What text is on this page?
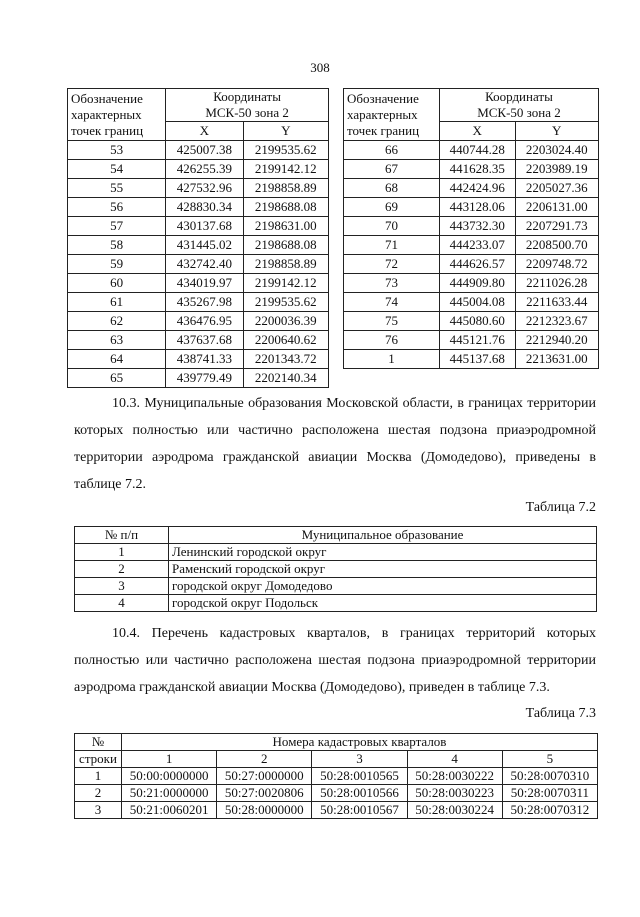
308
Обозначение
характерных
точек границ	Координаты
МСК-50 зона 2	
	X	Y
53	425007.38	2199535.62
54	426255.39	2199142.12
55	427532.96	2198858.89
56	428830.34	2198688.08
57	430137.68	2198631.00
58	431445.02	2198688.08
59	432742.40	2198858.89
60	434019.97	2199142.12
61	435267.98	2199535.62
62	436476.95	2200036.39
63	437637.68	2200640.62
64	438741.33	2201343.72
65	439779.49	2202140.34
Обозначение
характерных
точек границ	Координаты
МСК-50 зона 2	
	X	Y
66	440744.28	2203024.40
67	441628.35	2203989.19
68	442424.96	2205027.36
69	443128.06	2206131.00
70	443732.30	2207291.73
71	444233.07	2208500.70
72	444626.57	2209748.72
73	444909.80	2211026.28
74	445004.08	2211633.44
75	445080.60	2212323.67
76	445121.76	2212940.20
1	445137.68	2213631.00

10.3. Муниципальные образования Московской области, в границах территории которых полностью или частично расположена шестая подзона приаэродромной территории аэродрома гражданской авиации Москва (Домодедово), приведены в таблице 7.2.

Таблица 7.2
№ п/п	Муниципальное образование
1	Ленинский городской округ
2	Раменский городской округ
3	городской округ Домодедово
4	городской округ Подольск

10.4. Перечень кадастровых кварталов, в границах территорий которых полностью или частично расположена шестая подзона приаэродромной территории аэродрома гражданской авиации Москва (Домодедово), приведен в таблице 7.3.

Таблица 7.3
№	Номера кадастровых кварталов				
строки	1	2	3	4	5
1	50:00:0000000	50:27:0000000	50:28:0010565	50:28:0030222	50:28:0070310
2	50:21:0000000	50:27:0020806	50:28:0010566	50:28:0030223	50:28:0070311
3	50:21:0060201	50:28:0000000	50:28:0010567	50:28:0030224	50:28:0070312
